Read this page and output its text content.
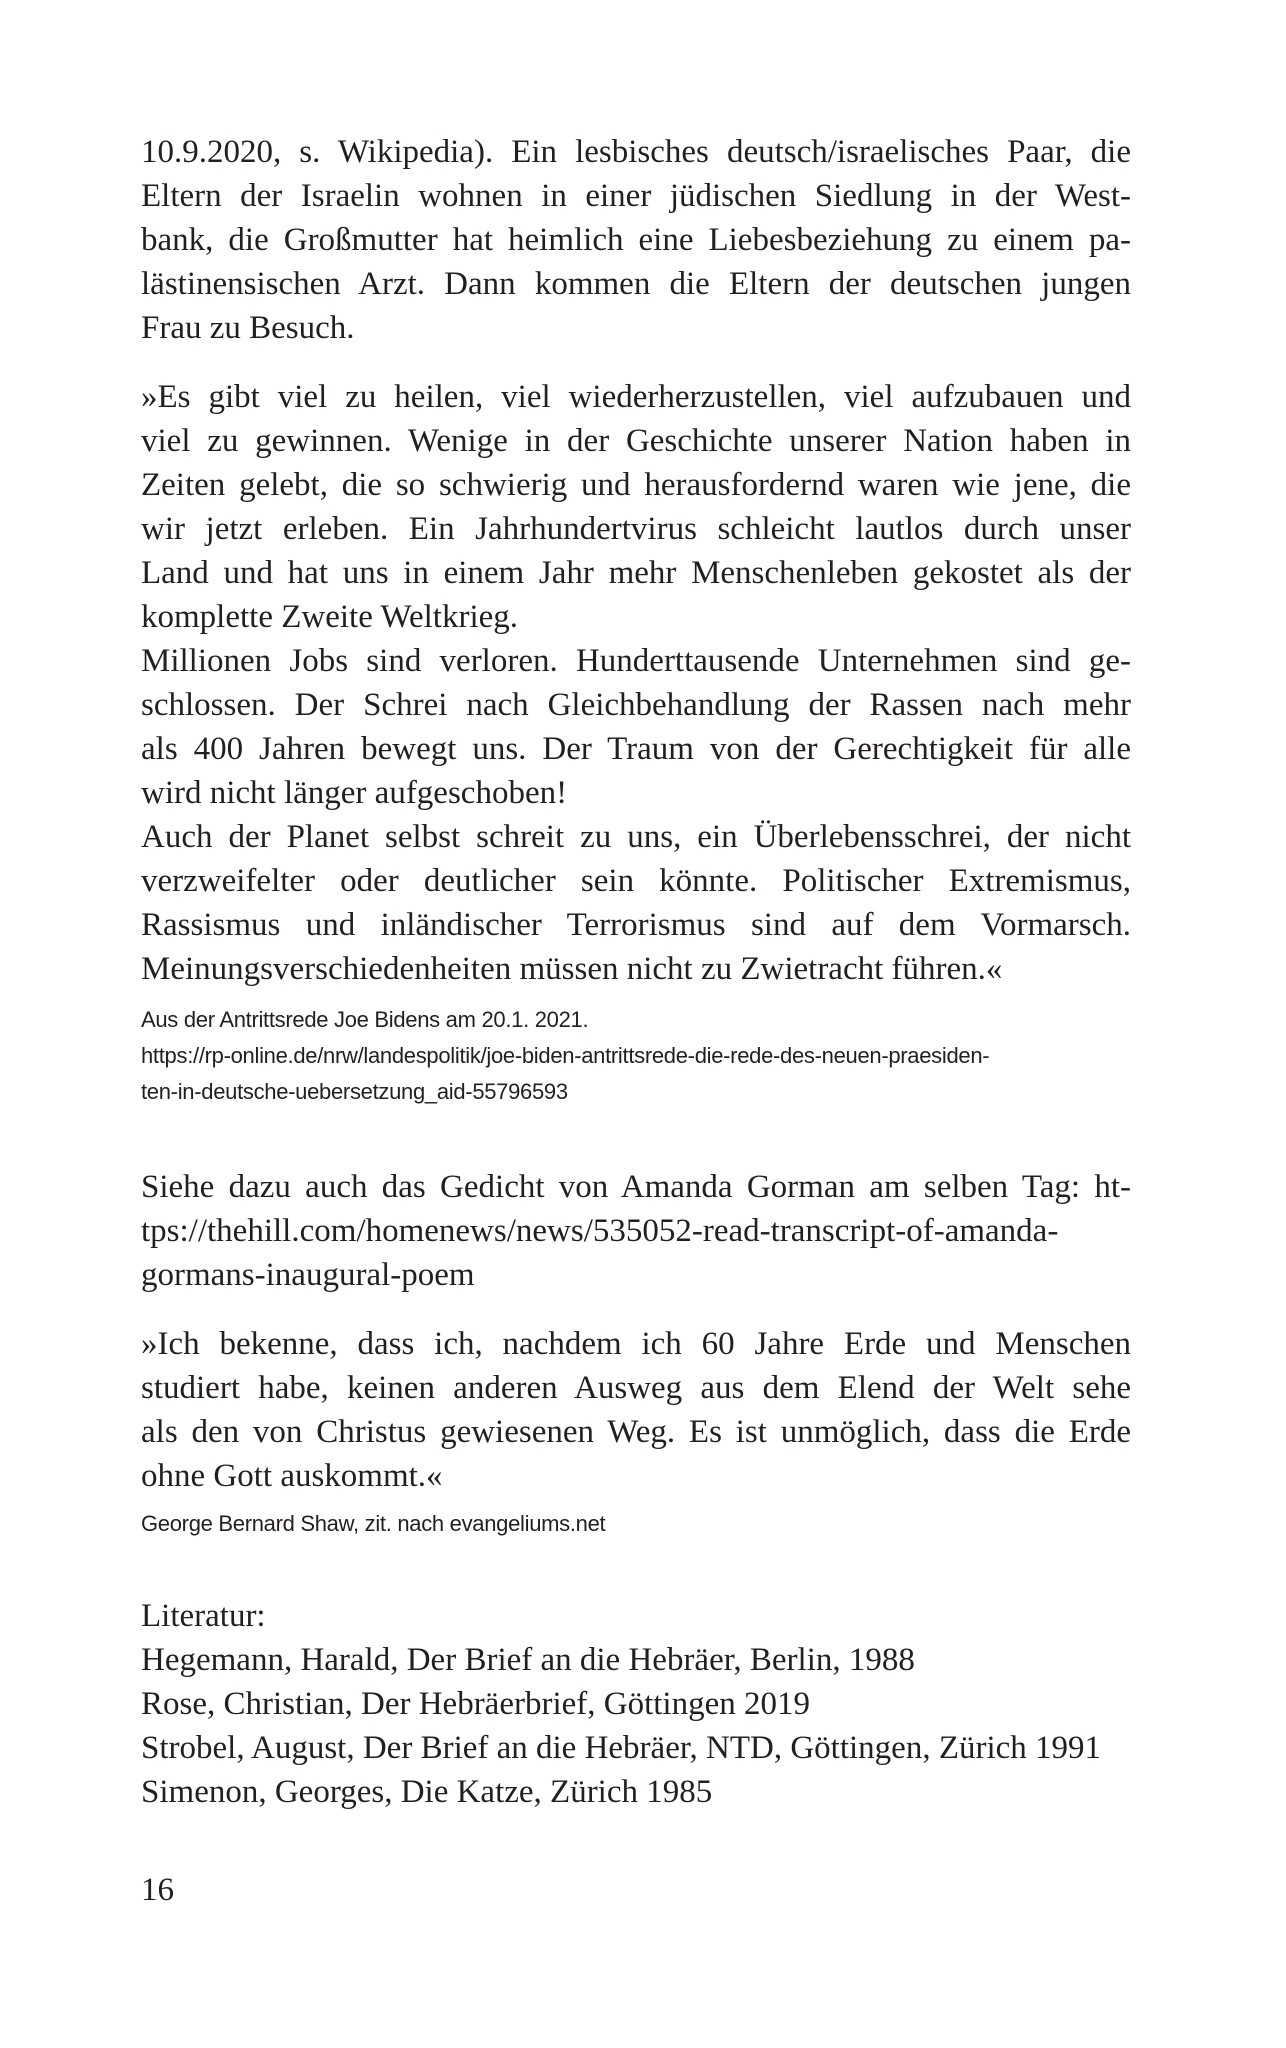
10.9.2020, s. Wikipedia). Ein lesbisches deutsch/israelisches Paar, die
Eltern der Israelin wohnen in einer jüdischen Siedlung in der West-
bank, die Großmutter hat heimlich eine Liebesbeziehung zu einem pa-
lästinensischen Arzt. Dann kommen die Eltern der deutschen jungen
Frau zu Besuch.
»Es gibt viel zu heilen, viel wiederherzustellen, viel aufzubauen und
viel zu gewinnen. Wenige in der Geschichte unserer Nation haben in
Zeiten gelebt, die so schwierig und herausfordernd waren wie jene, die
wir jetzt erleben. Ein Jahrhundertvirus schleicht lautlos durch unser
Land und hat uns in einem Jahr mehr Menschenleben gekostet als der
komplette Zweite Weltkrieg.
Millionen Jobs sind verloren. Hunderttausende Unternehmen sind ge-
schlossen. Der Schrei nach Gleichbehandlung der Rassen nach mehr
als 400 Jahren bewegt uns. Der Traum von der Gerechtigkeit für alle
wird nicht länger aufgeschoben!
Auch der Planet selbst schreit zu uns, ein Überlebensschrei, der nicht
verzweifelter oder deutlicher sein könnte. Politischer Extremismus,
Rassismus und inländischer Terrorismus sind auf dem Vormarsch.
Meinungsverschiedenheiten müssen nicht zu Zwietracht führen.«
Aus der Antrittsrede Joe Bidens am 20.1. 2021.
https://rp-online.de/nrw/landespolitik/joe-biden-antrittsrede-die-rede-des-neuen-praesiden-
ten-in-deutsche-uebersetzung_aid-55796593
Siehe dazu auch das Gedicht von Amanda Gorman am selben Tag: ht-
tps://thehill.com/homenews/news/535052-read-transcript-of-amanda-
gormans-inaugural-poem
»Ich bekenne, dass ich, nachdem ich 60 Jahre Erde und Menschen
studiert habe, keinen anderen Ausweg aus dem Elend der Welt sehe
als den von Christus gewiesenen Weg. Es ist unmöglich, dass die Erde
ohne Gott auskommt.«
George Bernard Shaw, zit. nach evangeliums.net
Literatur:
Hegemann, Harald, Der Brief an die Hebräer, Berlin, 1988
Rose, Christian, Der Hebräerbrief, Göttingen 2019
Strobel, August, Der Brief an die Hebräer, NTD, Göttingen, Zürich 1991
Simenon, Georges, Die Katze, Zürich 1985
16
